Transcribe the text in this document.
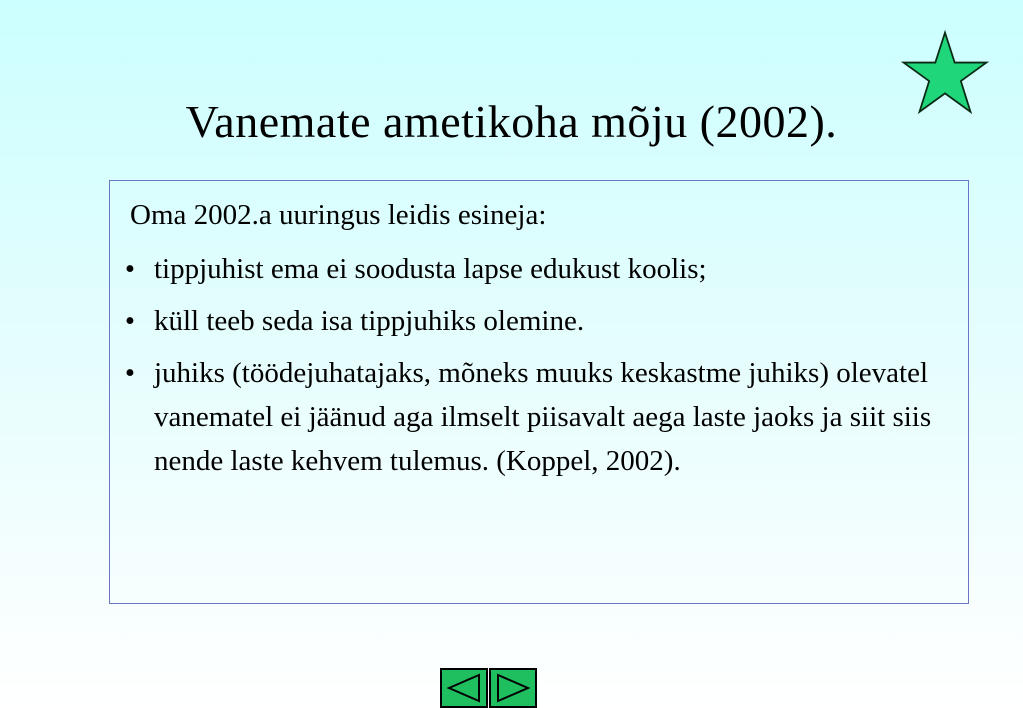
Vanemate ametikoha mõju (2002).
Oma 2002.a uuringus leidis esineja:
• tippjuhist ema ei soodusta lapse edukust koolis;
• küll teeb seda isa tippjuhiks olemine.
• juhiks (töödejuhatajaks, mõneks muuks keskastme juhiks) olevatel vanematel ei jäänud aga ilmselt piisavalt aega laste jaoks ja siit siis nende laste kehvem tulemus. (Koppel, 2002).
